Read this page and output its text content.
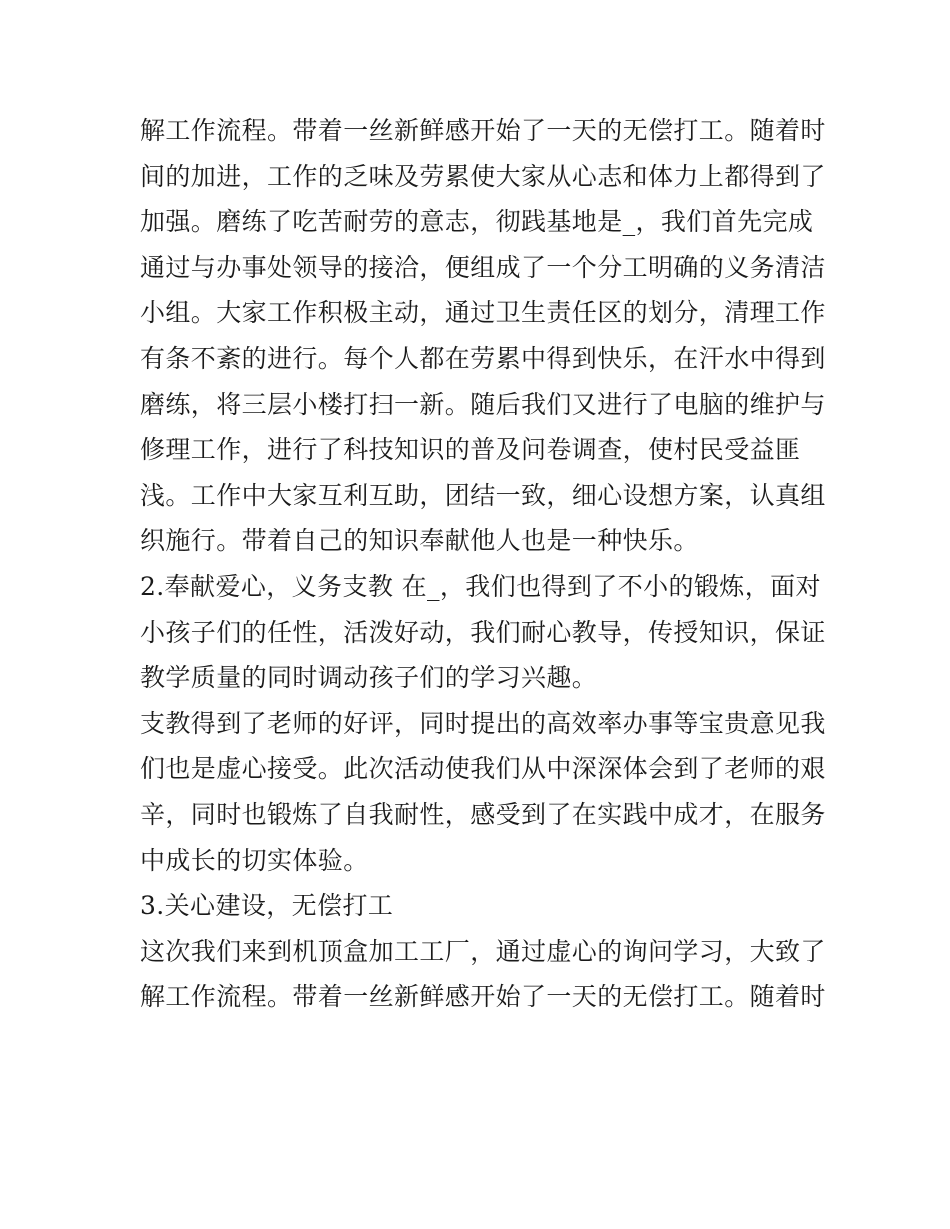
解工作流程。带着一丝新鲜感开始了一天的无偿打工。随着时
间的加进，工作的乏味及劳累使大家从心志和体力上都得到了
加强。磨练了吃苦耐劳的意志，彻践基地是_，我们首先完成
通过与办事处领导的接洽，便组成了一个分工明确的义务清洁
小组。大家工作积极主动，通过卫生责任区的划分，清理工作
有条不紊的进行。每个人都在劳累中得到快乐，在汗水中得到
磨练，将三层小楼打扫一新。随后我们又进行了电脑的维护与
修理工作，进行了科技知识的普及问卷调查，使村民受益匪
浅。工作中大家互利互助，团结一致，细心设想方案，认真组
织施行。带着自己的知识奉献他人也是一种快乐。
2.奉献爱心，义务支教 在_，我们也得到了不小的锻炼，面对
小孩子们的任性，活泼好动，我们耐心教导，传授知识，保证
教学质量的同时调动孩子们的学习兴趣。
支教得到了老师的好评，同时提出的高效率办事等宝贵意见我
们也是虚心接受。此次活动使我们从中深深体会到了老师的艰
辛，同时也锻炼了自我耐性，感受到了在实践中成才，在服务
中成长的切实体验。
3.关心建设，无偿打工
这次我们来到机顶盒加工工厂，通过虚心的询问学习，大致了
解工作流程。带着一丝新鲜感开始了一天的无偿打工。随着时
